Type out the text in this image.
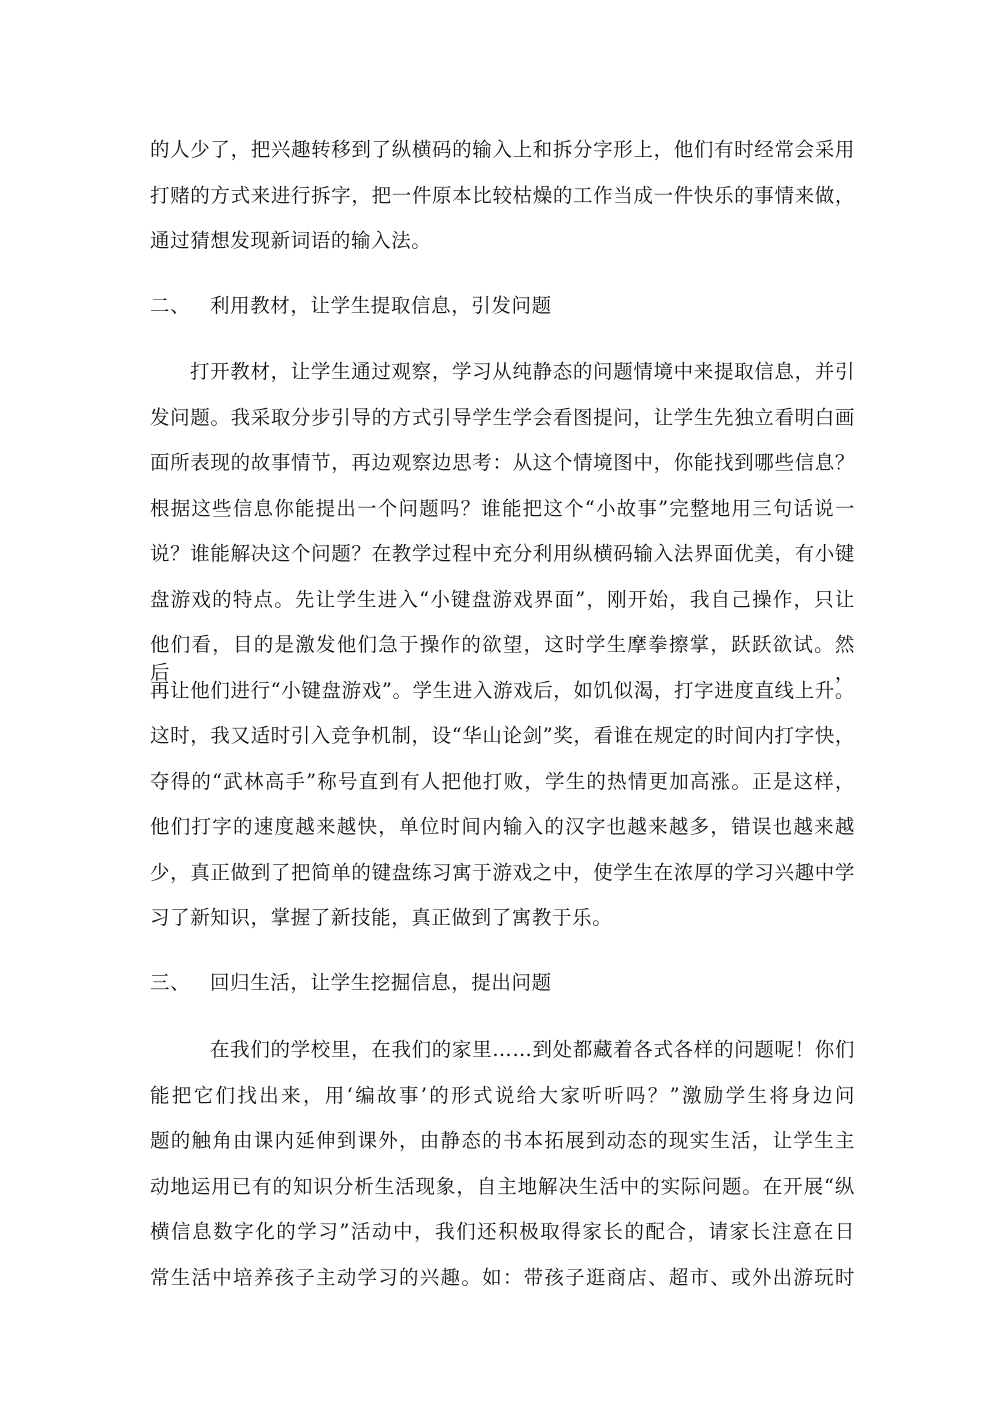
的人少了，把兴趣转移到了纵横码的输入上和拆分字形上，他们有时经常会采用
打赌的方式来进行拆字，把一件原本比较枯燥的工作当成一件快乐的事情来做，
通过猜想发现新词语的输入法。
二、 利用教材，让学生提取信息，引发问题
打开教材，让学生通过观察，学习从纯静态的问题情境中来提取信息，并引
发问题。我采取分步引导的方式引导学生学会看图提问，让学生先独立看明白画
面所表现的故事情节，再边观察边思考：从这个情境图中，你能找到哪些信息？
根据这些信息你能提出一个问题吗？谁能把这个“小故事”完整地用三句话说一
说？谁能解决这个问题？在教学过程中充分利用纵横码输入法界面优美，有小键
盘游戏的特点。先让学生进入“小键盘游戏界面”，刚开始，我自己操作，只让
他们看，目的是激发他们急于操作的欲望，这时学生摩拳擦掌，跃跃欲试。然后，
再让他们进行“小键盘游戏”。学生进入游戏后，如饥似渴，打字进度直线上升。
这时，我又适时引入竞争机制，设“华山论剑”奖，看谁在规定的时间内打字快，
夺得的“武林高手”称号直到有人把他打败，学生的热情更加高涨。正是这样，
他们打字的速度越来越快，单位时间内输入的汉字也越来越多，错误也越来越
少，真正做到了把简单的键盘练习寓于游戏之中，使学生在浓厚的学习兴趣中学
习了新知识，掌握了新技能，真正做到了寓教于乐。
三、 回归生活，让学生挖掘信息，提出问题
在我们的学校里，在我们的家里……到处都藏着各式各样的问题呢！你们
能把它们找出来，用‘编故事’的形式说给大家听听吗？”激励学生将身边问
题的触角由课内延伸到课外，由静态的书本拓展到动态的现实生活，让学生主
动地运用已有的知识分析生活现象，自主地解决生活中的实际问题。在开展“纵
横信息数字化的学习”活动中，我们还积极取得家长的配合，请家长注意在日
常生活中培养孩子主动学习的兴趣。如：带孩子逛商店、超市、或外出游玩时
